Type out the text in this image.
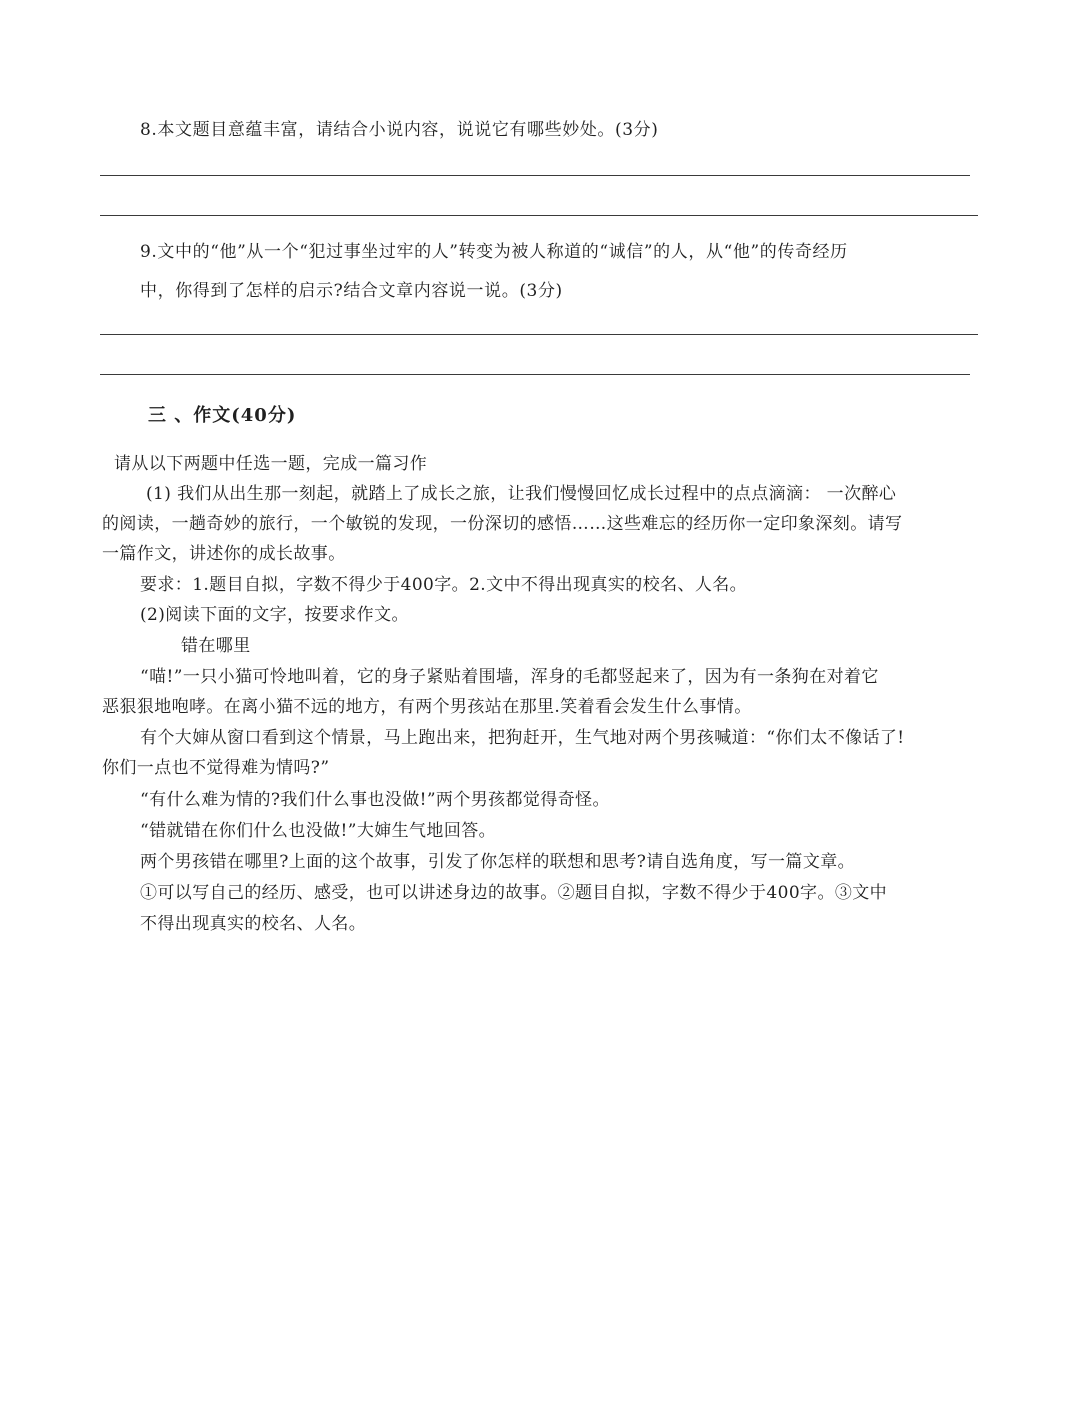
8.本文题目意蕴丰富，请结合小说内容，说说它有哪些妙处。(3分)
9.文中的“他”从一个“犯过事坐过牢的人”转变为被人称道的“诚信”的人，从“他”的传奇经历
中，你得到了怎样的启示?结合文章内容说一说。(3分)
三 、作文(40分)
请从以下两题中任选一题，完成一篇习作
(1) 我们从出生那一刻起，就踏上了成长之旅，让我们慢慢回忆成长过程中的点点滴滴： 一次醉心
的阅读，一趟奇妙的旅行，一个敏锐的发现，一份深切的感悟……这些难忘的经历你一定印象深刻。请写
一篇作文，讲述你的成长故事。
要求：1.题目自拟，字数不得少于400字。2.文中不得出现真实的校名、人名。
(2)阅读下面的文字，按要求作文。
错在哪里
“喵!”一只小猫可怜地叫着，它的身子紧贴着围墙，浑身的毛都竖起来了，因为有一条狗在对着它
恶狠狠地咆哮。在离小猫不远的地方，有两个男孩站在那里.笑着看会发生什么事情。
有个大婶从窗口看到这个情景，马上跑出来，把狗赶开，生气地对两个男孩喊道：“你们太不像话了!
你们一点也不觉得难为情吗?”
“有什么难为情的?我们什么事也没做!”两个男孩都觉得奇怪。
“错就错在你们什么也没做!”大婶生气地回答。
两个男孩错在哪里?上面的这个故事，引发了你怎样的联想和思考?请自选角度，写一篇文章。
①可以写自己的经历、感受，也可以讲述身边的故事。②题目自拟，字数不得少于400字。③文中
不得出现真实的校名、人名。
